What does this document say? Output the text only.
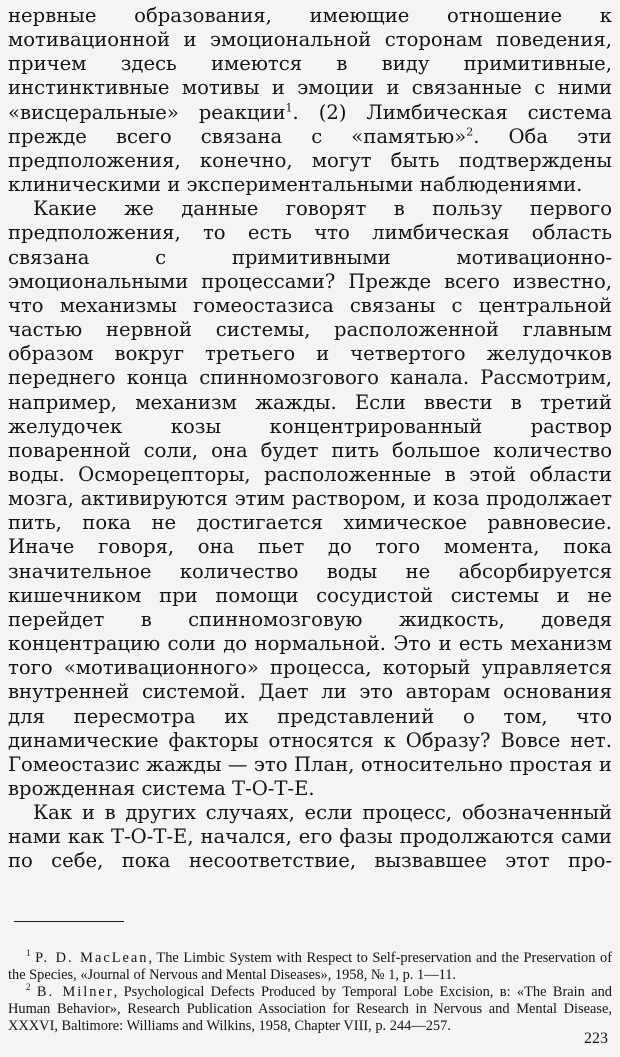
нервные образования, имеющие отношение к мотивационной и эмоциональной сторонам поведения, причем здесь имеются в виду примитивные, инстинктивные мотивы и эмоции и связанные с ними «висцеральные» реакции$^1$. (2) Лимбическая система прежде всего связана с «памятью»$^2$. Оба эти предположения, конечно, могут быть подтверждены клиническими и экспериментальными наблюдениями.

Какие же данные говорят в пользу первого предположения, то есть что лимбическая область связана с примитивными мотивационно-эмоциональными процессами? Прежде всего известно, что механизмы гомеостазиса связаны с центральной частью нервной системы, расположенной главным образом вокруг третьего и четвертого желудочков переднего конца спинномозгового канала. Рассмотрим, например, механизм жажды. Если ввести в третий желудочек козы концентрированный раствор поваренной соли, она будет пить большое количество воды. Осморецепторы, расположенные в этой области мозга, активируются этим раствором, и коза продолжает пить, пока не достигается химическое равновесие. Иначе говоря, она пьет до того момента, пока значительное количество воды не абсорбируется кишечником при помощи сосудистой системы и не перейдет в спинномозговую жидкость, доведя концентрацию соли до нормальной. Это и есть механизм того «мотивационного» процесса, который управляется внутренней системой. Дает ли это авторам основания для пересмотра их представлений о том, что динамические факторы относятся к Образу? Вовсе нет. Гомеостазис жажды — это План, относительно простая и врожденная система Т-О-Т-Е.

Как и в других случаях, если процесс, обозначенный нами как Т-О-Т-Е, начался, его фазы продолжаются сами по себе, пока несоответствие, вызвавшее этот про-

$^1$ P. D. MacLean, The Limbic System with Respect to Self-preservation and the Preservation of the Species, «Journal of Nervous and Mental Diseases», 1958, № 1, p. 1—11.

$^2$ B. Milner, Psychological Defects Produced by Temporal Lobe Excision, в: «The Brain and Human Behavior», Research Publication Association for Research in Nervous and Mental Disease, XXXVI, Baltimore: Williams and Wilkins, 1958, Chapter VIII, p. 244—257.

223
